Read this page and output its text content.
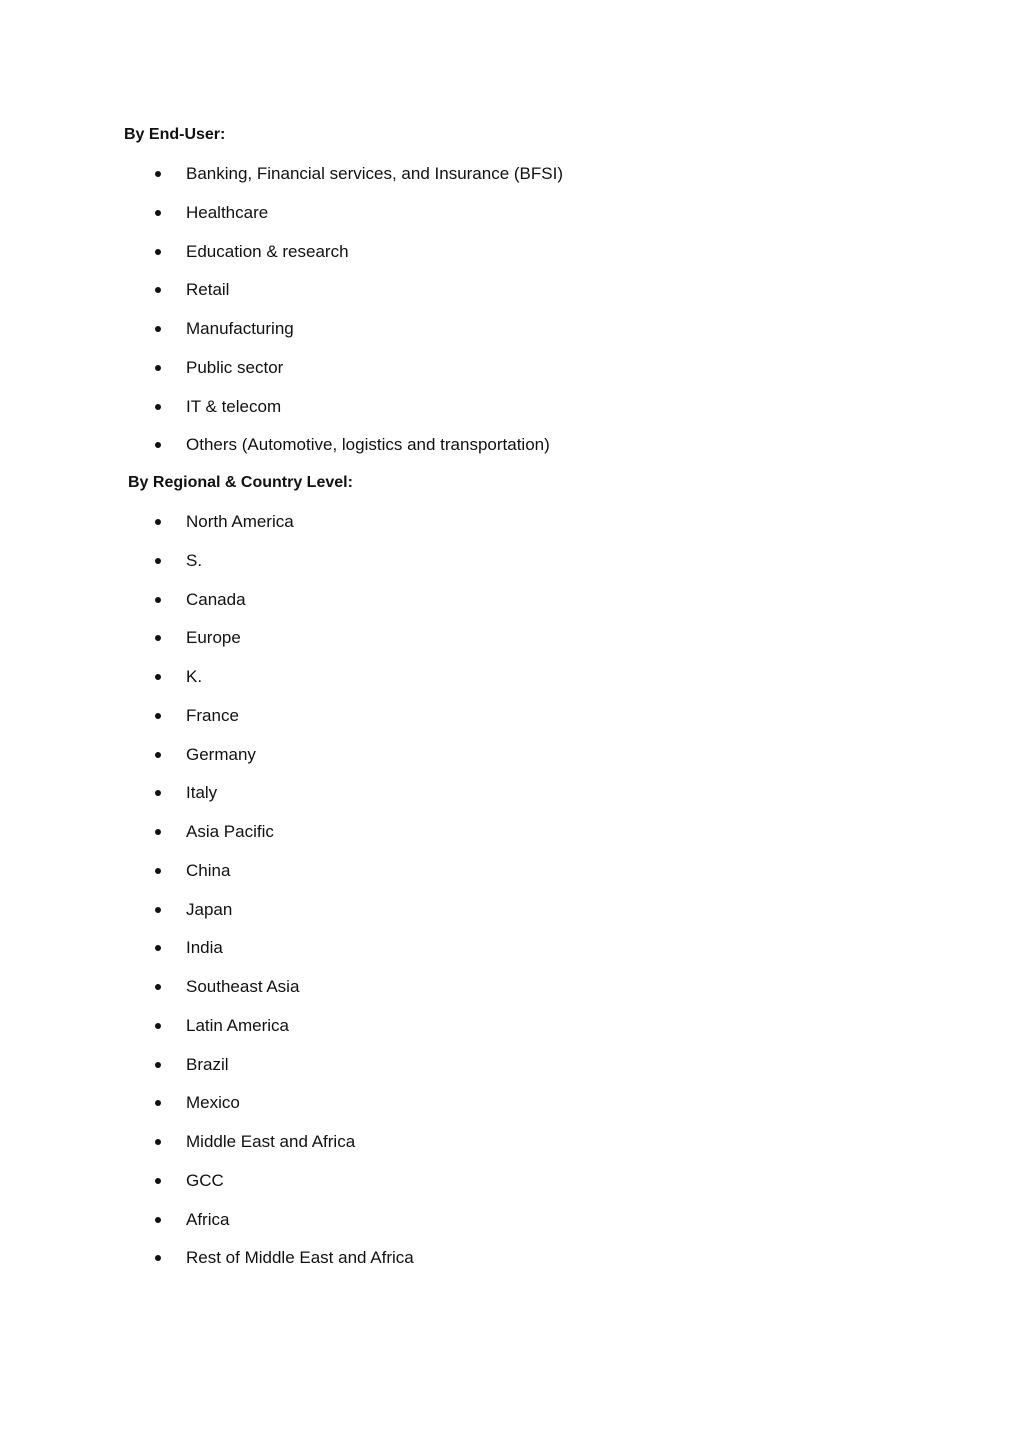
By End-User:

Banking, Financial services, and Insurance (BFSI)
Healthcare
Education & research
Retail
Manufacturing
Public sector
IT & telecom
Others (Automotive, logistics and transportation)

By Regional & Country Level:

North America
S.
Canada
Europe
K.
France
Germany
Italy
Asia Pacific
China
Japan
India
Southeast Asia
Latin America
Brazil
Mexico
Middle East and Africa
GCC
Africa
Rest of Middle East and Africa
